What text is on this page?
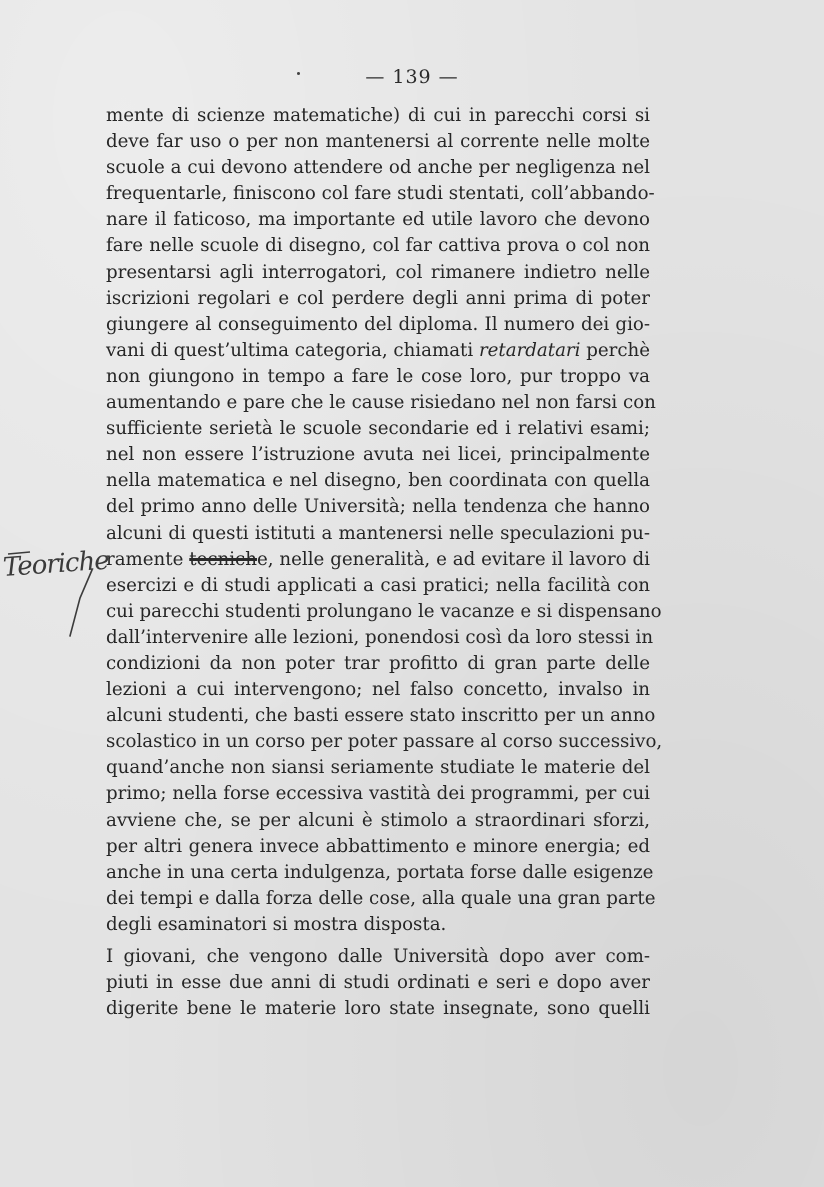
— 139 —
Teoriche
mente di scienze matematiche) di cui in parecchi corsi si
deve far uso o per non mantenersi al corrente nelle molte
scuole a cui devono attendere od anche per negligenza nel
frequentarle, finiscono col fare studi stentati, coll’abbando-
nare il faticoso, ma importante ed utile lavoro che devono
fare nelle scuole di disegno, col far cattiva prova o col non
presentarsi agli interrogatori, col rimanere indietro nelle
iscrizioni regolari e col perdere degli anni prima di poter
giungere al conseguimento del diploma. Il numero dei gio-
vani di quest’ultima categoria, chiamati retardatari perchè
non giungono in tempo a fare le cose loro, pur troppo va
aumentando e pare che le cause risiedano nel non farsi con
sufficiente serietà le scuole secondarie ed i relativi esami;
nel non essere l’istruzione avuta nei licei, principalmente
nella matematica e nel disegno, ben coordinata con quella
del primo anno delle Università; nella tendenza che hanno
alcuni di questi istituti a mantenersi nelle speculazioni pu-
ramente tecniche, nelle generalità, e ad evitare il lavoro di
esercizi e di studi applicati a casi pratici; nella facilità con
cui parecchi studenti prolungano le vacanze e si dispensano
dall’intervenire alle lezioni, ponendosi così da loro stessi in
condizioni da non poter trar profitto di gran parte delle
lezioni a cui intervengono; nel falso concetto, invalso in
alcuni studenti, che basti essere stato inscritto per un anno
scolastico in un corso per poter passare al corso successivo,
quand’anche non siansi seriamente studiate le materie del
primo; nella forse eccessiva vastità dei programmi, per cui
avviene che, se per alcuni è stimolo a straordinari sforzi,
per altri genera invece abbattimento e minore energia; ed
anche in una certa indulgenza, portata forse dalle esigenze
dei tempi e dalla forza delle cose, alla quale una gran parte
degli esaminatori si mostra disposta.
I giovani, che vengono dalle Università dopo aver com-
piuti in esse due anni di studi ordinati e seri e dopo aver
digerite bene le materie loro state insegnate, sono quelli
